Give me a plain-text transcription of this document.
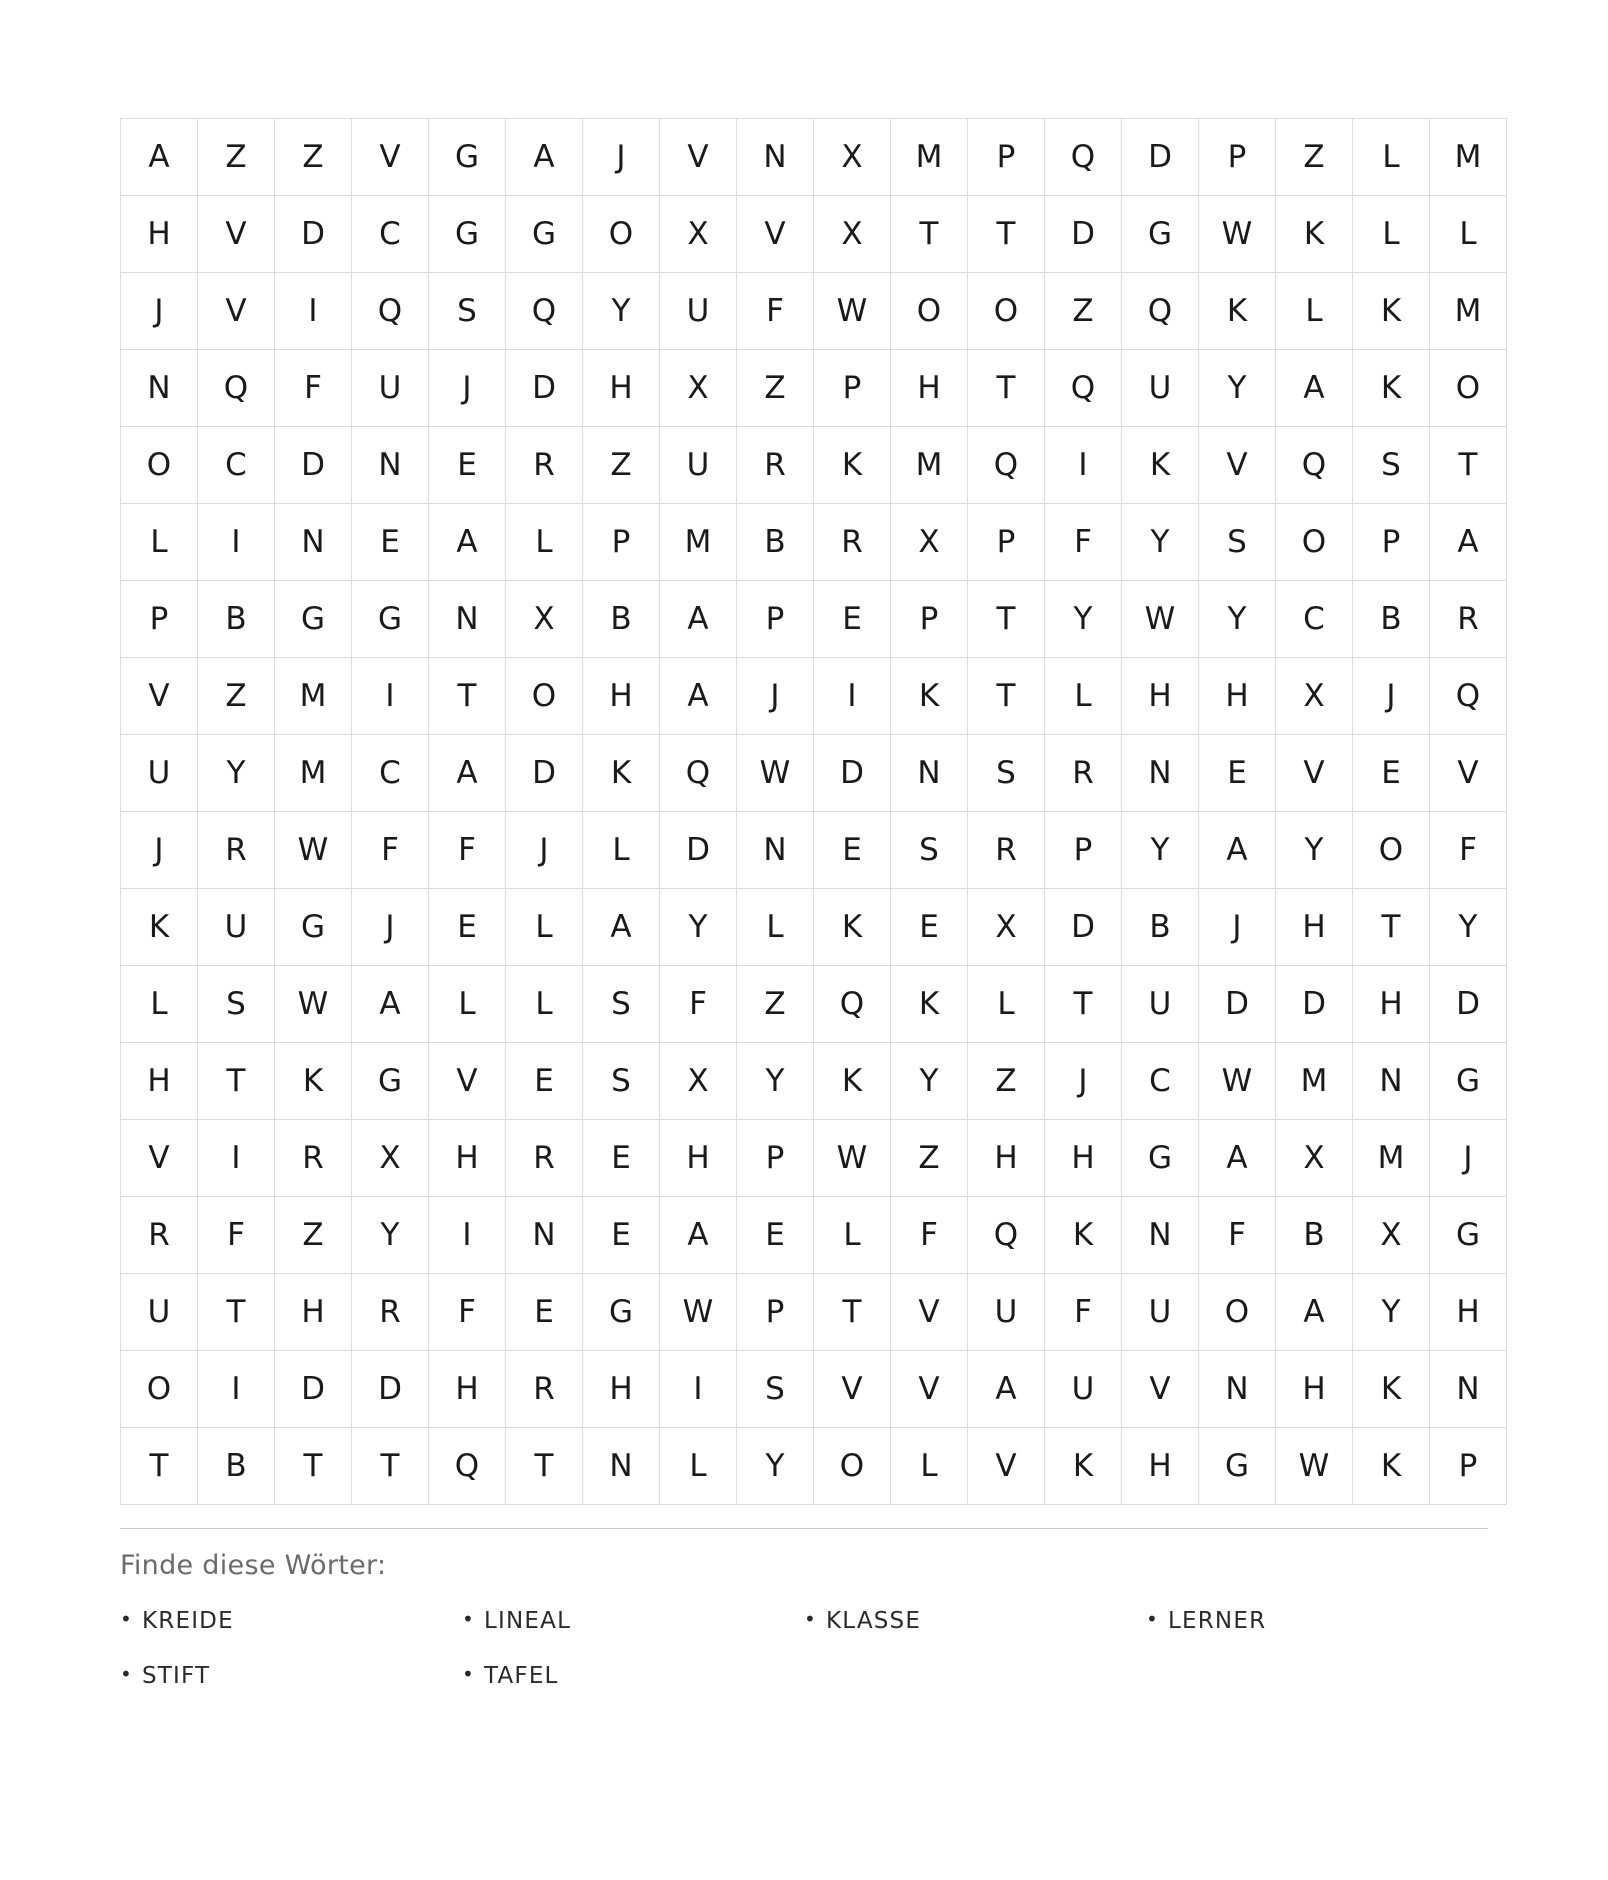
A	Z	Z	V	G	A	J	V	N	X	M	P	Q	D	P	Z	L	M
H	V	D	C	G	G	O	X	V	X	T	T	D	G	W	K	L	L
J	V	I	Q	S	Q	Y	U	F	W	O	O	Z	Q	K	L	K	M
N	Q	F	U	J	D	H	X	Z	P	H	T	Q	U	Y	A	K	O
O	C	D	N	E	R	Z	U	R	K	M	Q	I	K	V	Q	S	T
L	I	N	E	A	L	P	M	B	R	X	P	F	Y	S	O	P	A
P	B	G	G	N	X	B	A	P	E	P	T	Y	W	Y	C	B	R
V	Z	M	I	T	O	H	A	J	I	K	T	L	H	H	X	J	Q
U	Y	M	C	A	D	K	Q	W	D	N	S	R	N	E	V	E	V
J	R	W	F	F	J	L	D	N	E	S	R	P	Y	A	Y	O	F
K	U	G	J	E	L	A	Y	L	K	E	X	D	B	J	H	T	Y
L	S	W	A	L	L	S	F	Z	Q	K	L	T	U	D	D	H	D
H	T	K	G	V	E	S	X	Y	K	Y	Z	J	C	W	M	N	G
V	I	R	X	H	R	E	H	P	W	Z	H	H	G	A	X	M	J
R	F	Z	Y	I	N	E	A	E	L	F	Q	K	N	F	B	X	G
U	T	H	R	F	E	G	W	P	T	V	U	F	U	O	A	Y	H
O	I	D	D	H	R	H	I	S	V	V	A	U	V	N	H	K	N
T	B	T	T	Q	T	N	L	Y	O	L	V	K	H	G	W	K	P
Finde diese Wörter:
• KREIDE	• LINEAL	• KLASSE	• LERNER
• STIFT	• TAFEL
